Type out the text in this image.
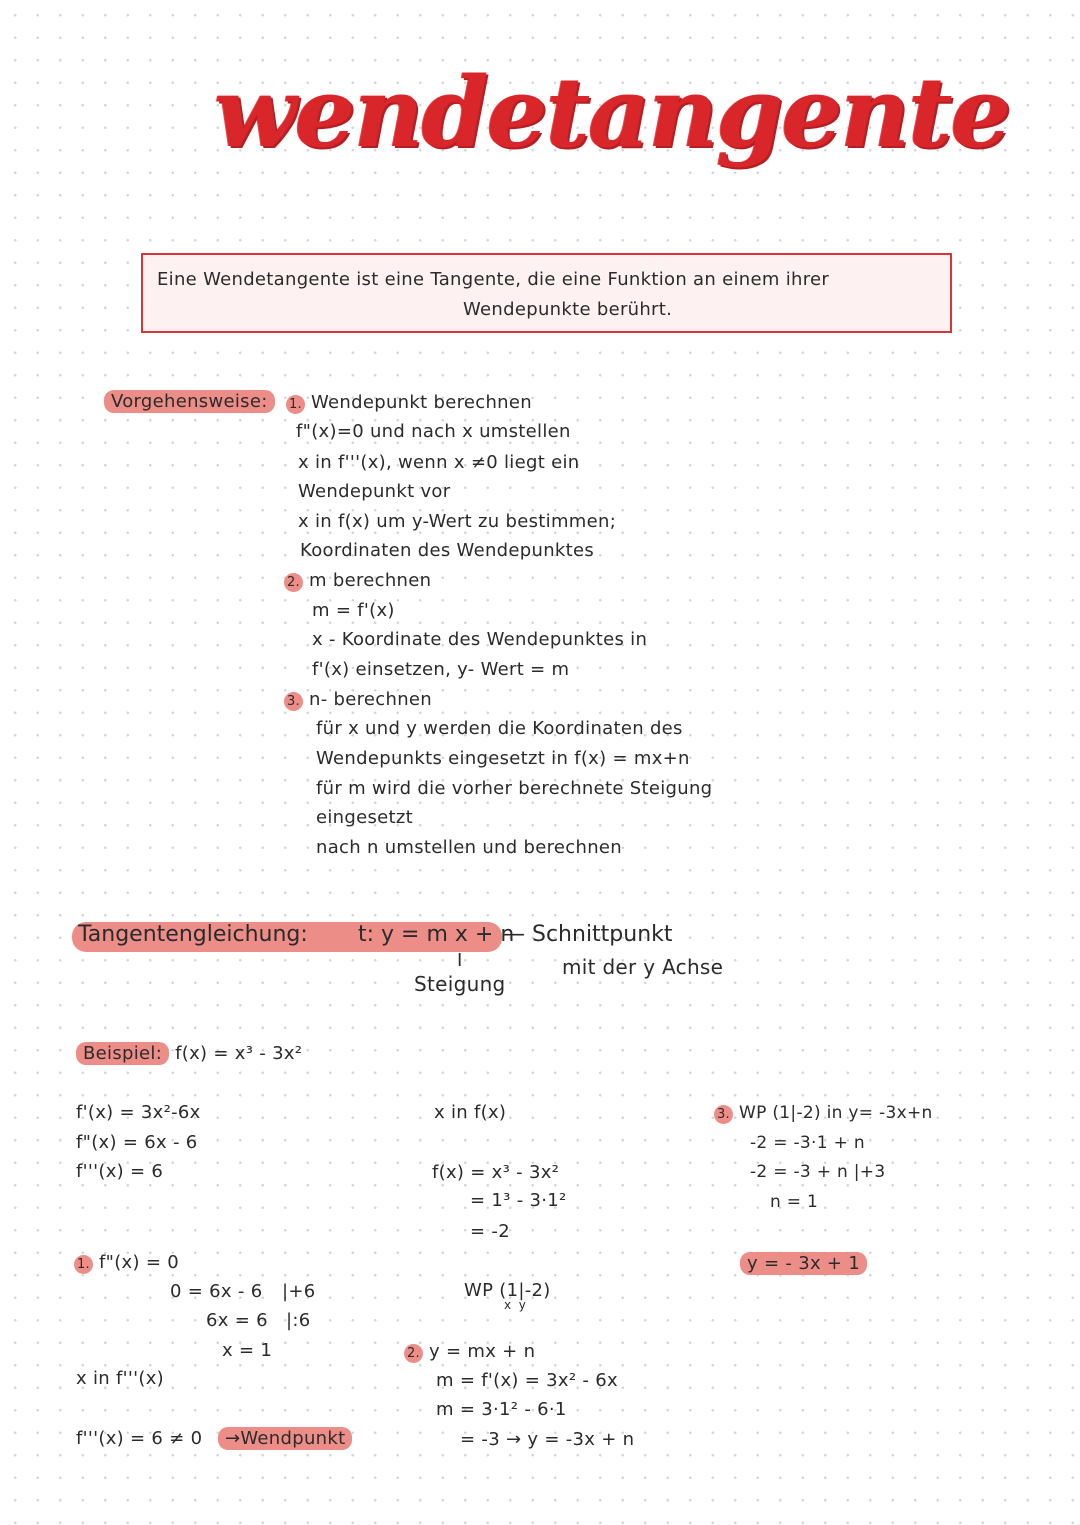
wendetangente
Eine Wendetangente ist eine Tangente, die eine Funktion an einem ihrer
Wendepunkte berührt.
Vorgehensweise:	1. Wendepunkt berechnen
f"(x)=0 und nach x umstellen
x in f'''(x), wenn x ≠0 liegt ein
Wendepunkt vor
x in f(x) um y-Wert zu bestimmen;
Koordinaten des Wendepunktes
2. m berechnen
m = f'(x)
x - Koordinate des Wendepunktes in
f'(x) einsetzen, y- Wert = m
3. n- berechnen
für x und y werden die Koordinaten des
Wendepunkts eingesetzt in f(x) = mx+n
für m wird die vorher berechnete Steigung
eingesetzt
nach n umstellen und berechnen
Tangentengleichung: t: y = m x + n
— Schnittpunkt
I	mit der y Achse
Steigung
Beispiel: f(x) = x³ - 3x²
f'(x) = 3x²-6x
f"(x) = 6x - 6
f'''(x) = 6
1. f"(x) = 0
0 = 6x - 6 |+6
6x = 6 |:6
x = 1
x in f'''(x)
f'''(x) = 6 ≠ 0	→Wendpunkt
x in f(x)
f(x) = x³ - 3x²
= 1³ - 3·1²
= -2
WP (1|-2)
x  y
2. y = mx + n
m = f'(x) = 3x² - 6x
m = 3·1² - 6·1
= -3 → y = -3x + n
3. WP (1|-2) in y= -3x+n
-2 = -3·1 + n
-2 = -3 + n |+3
n = 1
y = - 3x + 1
